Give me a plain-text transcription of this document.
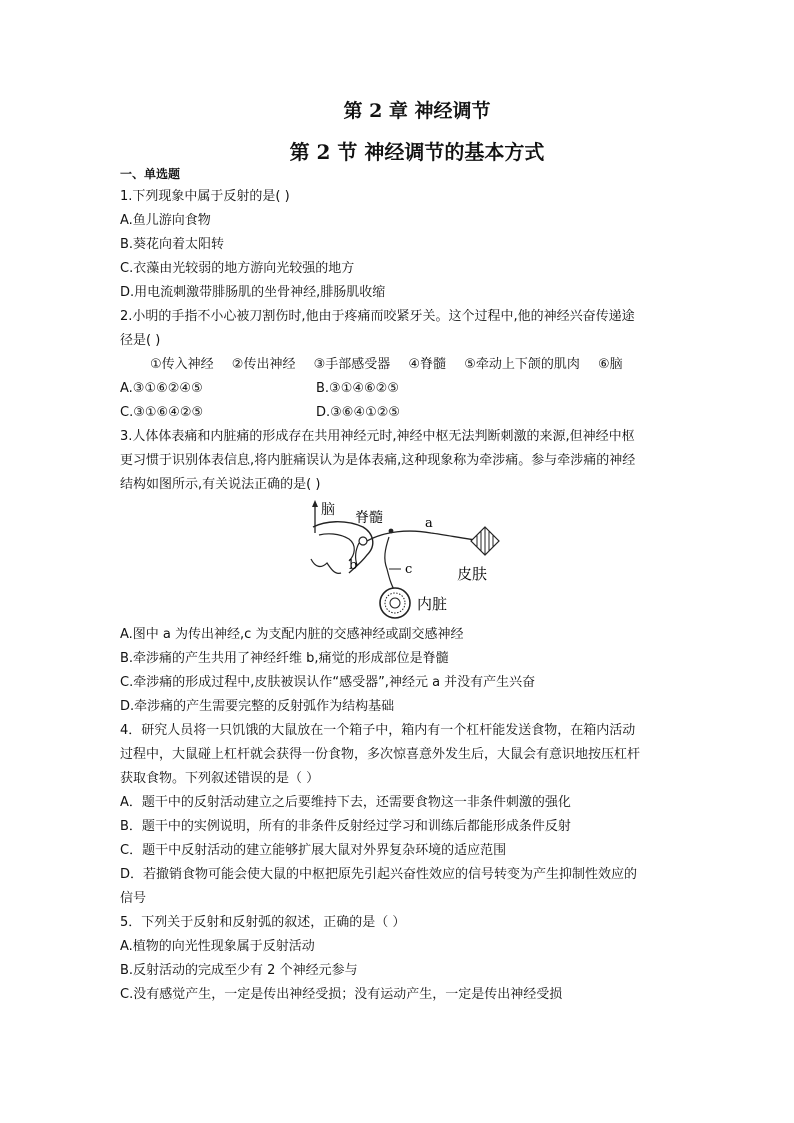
第 2 章 神经调节
第 2 节 神经调节的基本方式
一、单选题
1.下列现象中属于反射的是( )
A.鱼儿游向食物
B.葵花向着太阳转
C.衣藻由光较弱的地方游向光较强的地方
D.用电流刺激带腓肠肌的坐骨神经,腓肠肌收缩
2.小明的手指不小心被刀割伤时,他由于疼痛而咬紧牙关。这个过程中,他的神经兴奋传递途
径是( )
①传入神经 ②传出神经 ③手部感受器 ④脊髓 ⑤牵动上下颌的肌肉 ⑥脑
A.③①⑥②④⑤	B.③①④⑥②⑤
C.③①⑥④②⑤	D.③⑥④①②⑤
3.人体体表痛和内脏痛的形成存在共用神经元时,神经中枢无法判断刺激的来源,但神经中枢
更习惯于识别体表信息,将内脏痛误认为是体表痛,这种现象称为牵涉痛。参与牵涉痛的神经
结构如图所示,有关说法正确的是( )
脑 脊髓	a
b	c	皮肤
内脏
A.图中 a 为传出神经,c 为支配内脏的交感神经或副交感神经
B.牵涉痛的产生共用了神经纤维 b,痛觉的形成部位是脊髓
C.牵涉痛的形成过程中,皮肤被误认作“感受器”,神经元 a 并没有产生兴奋
D.牵涉痛的产生需要完整的反射弧作为结构基础
4．研究人员将一只饥饿的大鼠放在一个箱子中，箱内有一个杠杆能发送食物，在箱内活动
过程中，大鼠碰上杠杆就会获得一份食物，多次惊喜意外发生后，大鼠会有意识地按压杠杆
获取食物。下列叙述错误的是（ ）
A．题干中的反射活动建立之后要维持下去，还需要食物这一非条件刺激的强化
B．题干中的实例说明，所有的非条件反射经过学习和训练后都能形成条件反射
C．题干中反射活动的建立能够扩展大鼠对外界复杂环境的适应范围
D．若撤销食物可能会使大鼠的中枢把原先引起兴奋性效应的信号转变为产生抑制性效应的
信号
5．下列关于反射和反射弧的叙述，正确的是（ ）
A.植物的向光性现象属于反射活动
B.反射活动的完成至少有 2 个神经元参与
C.没有感觉产生，一定是传出神经受损；没有运动产生，一定是传出神经受损
